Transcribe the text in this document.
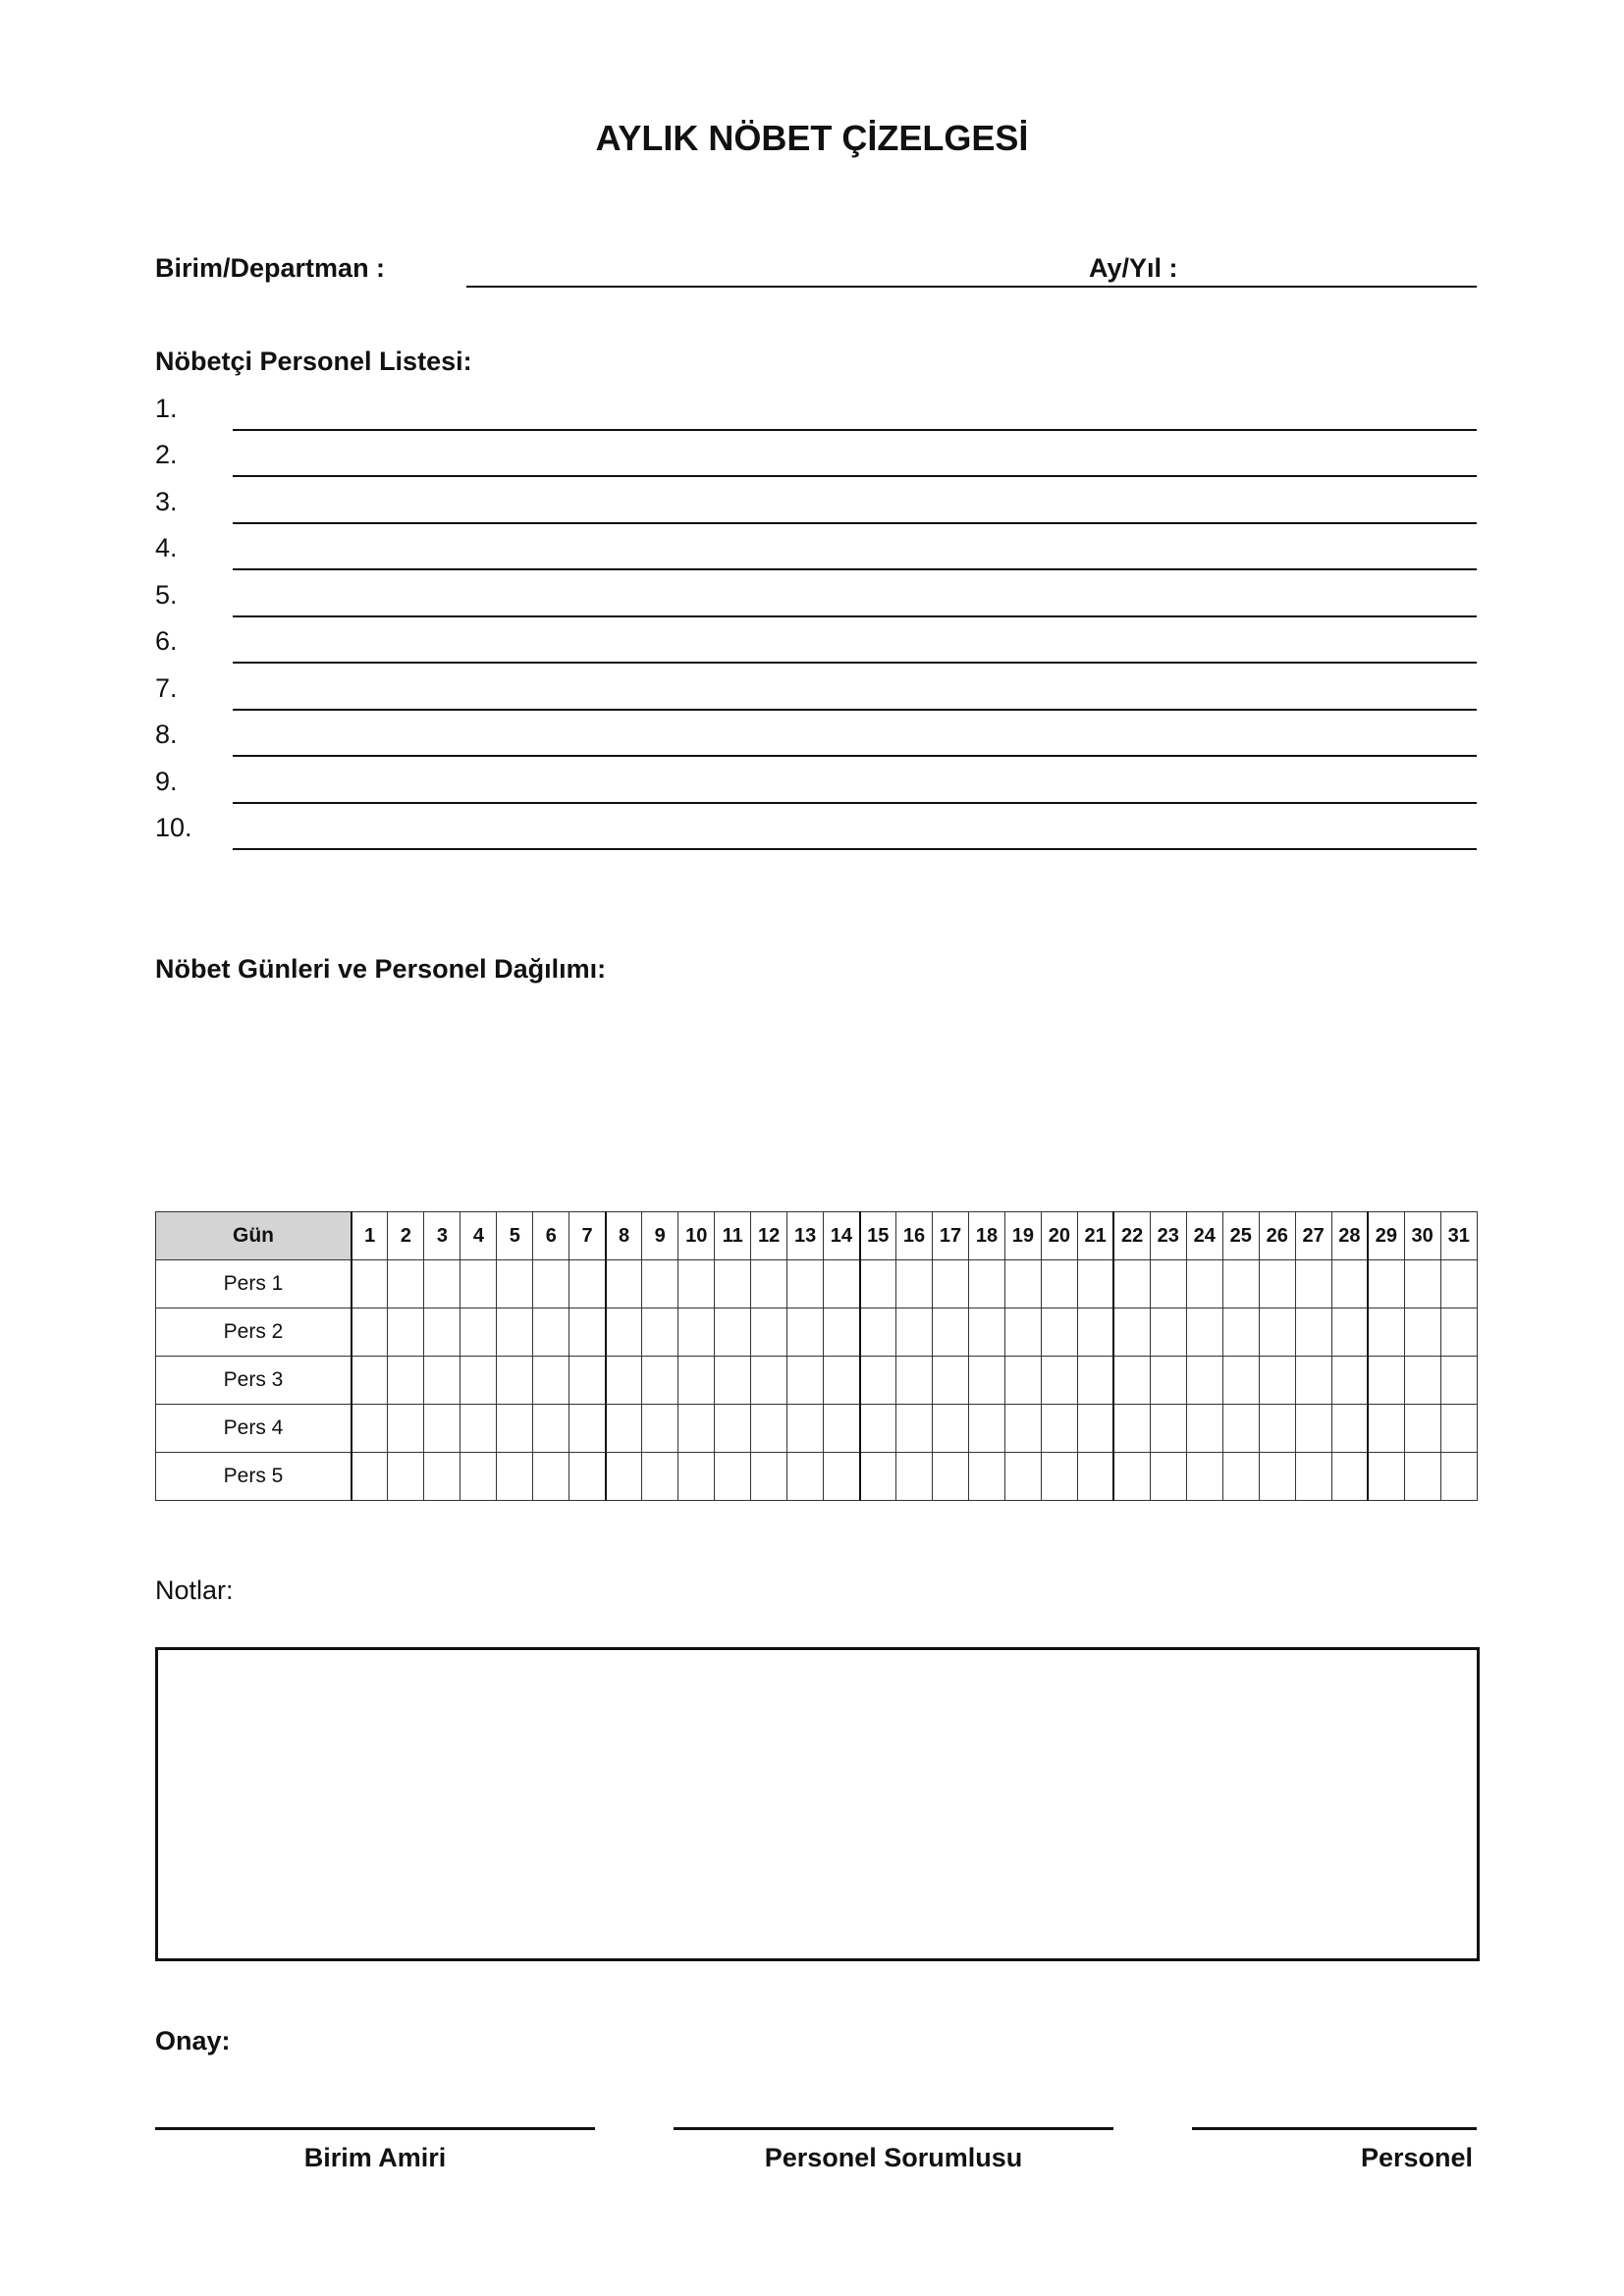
AYLIK NÖBET ÇİZELGESİ
Birim/Departman :	Ay/Yıl :
Nöbetçi Personel Listesi:
1.
2.
3.
4.
5.
6.
7.
8.
9.
10.
Nöbet Günleri ve Personel Dağılımı:
Gün	1	2	3	4	5	6	7	8	9	10	11	12	13	14	15	16	17	18	19	20	21	22	23	24	25	26	27	28	29	30	31
Pers 1																															
Pers 2																															
Pers 3																															
Pers 4																															
Pers 5																															
Notlar:
Onay:
Birim Amiri	Personel Sorumlusu	Personel
